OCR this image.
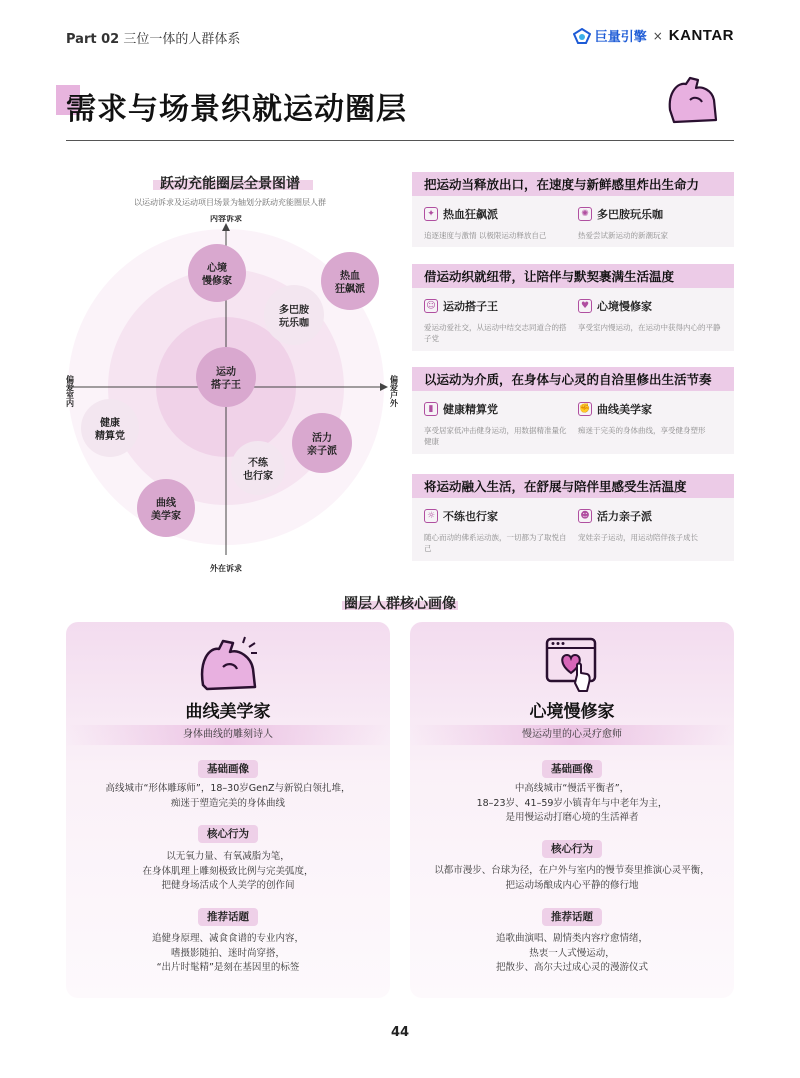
Part 02 三位一体的人群体系	巨量引擎 × KANTAR
需求与场景织就运动圈层
跃动充能圈层全景图谱
以运动诉求及运动项目场景为轴划分跃动充能圈层人群
内容诉求
外在诉求
偏爱室内	偏爱户外
心境
慢修家	热血
狂飙派
多巴胺
玩乐咖
运动
搭子王
健康
精算党	活力
亲子派
不练
也行家
曲线
美学家
把运动当释放出口，在速度与新鲜感里炸出生命力
✦ 热血狂飙派
追逐速度与激情 以极限运动释放自己
✺ 多巴胺玩乐咖
热爱尝试新运动的新潮玩家
借运动织就纽带，让陪伴与默契裹满生活温度
☺ 运动搭子王
爱运动爱社交，从运动中结交志同道合的搭子党
♥ 心境慢修家
享受室内慢运动，在运动中获得内心的平静
以运动为介质，在身体与心灵的自洽里修出生活节奏
▮ 健康精算党
享受居家低冲击健身运动，用数据精准量化健康
✊ 曲线美学家
痴迷于完美的身体曲线，享受健身塑形
将运动融入生活，在舒展与陪伴里感受生活温度
☼ 不练也行家
随心而动的佛系运动族，一切都为了取悦自己
☻ 活力亲子派
宠娃亲子运动，用运动陪伴孩子成长
圈层人群核心画像
曲线美学家
身体曲线的雕刻诗人
基础画像
高线城市“形体雕琢师”，18–30岁GenZ与新锐白领扎堆，
痴迷于塑造完美的身体曲线
核心行为
以无氧力量、有氧减脂为笔，
在身体肌理上雕刻极致比例与完美弧度，
把健身场活成个人美学的创作间
推荐话题
追健身原理、减食食谱的专业内容，
嗜摄影随拍、迷时尚穿搭，
“出片时髦精”是刻在基因里的标签
心境慢修家
慢运动里的心灵疗愈师
基础画像
中高线城市“慢活平衡者”，
18–23岁、41–59岁小镇青年与中老年为主，
是用慢运动打磨心境的生活禅者
核心行为
以都市漫步、台球为径，在户外与室内的慢节奏里推演心灵平衡，
把运动场酿成内心平静的修行地
推荐话题
追歌曲演唱、剧情类内容疗愈情绪，
热衷一人式慢运动，
把散步、高尔夫过成心灵的漫游仪式
44
